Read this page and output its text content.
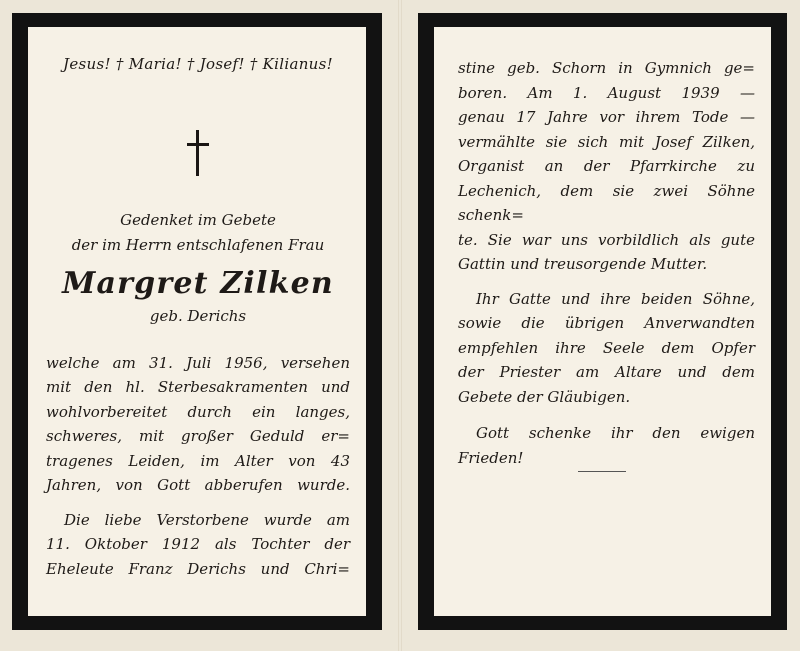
Jesus! † Maria! † Josef! † Kilianus!

Gedenket im Gebete

der im Herrn entschlafenen Frau

Margret Zilken

geb. Derichs

welche am 31. Juli 1956, versehen
mit den hl. Sterbesakramenten und
wohlvorbereitet durch ein langes,
schweres, mit großer Geduld er=
tragenes Leiden, im Alter von 43
Jahren, von Gott abberufen wurde.
Die liebe Verstorbene wurde am
11. Oktober 1912 als Tochter der
Eheleute Franz Derichs und Chri=
stine geb. Schorn in Gymnich ge=
boren. Am 1. August 1939 —
genau 17 Jahre vor ihrem Tode —
vermählte sie sich mit Josef Zilken,
Organist an der Pfarrkirche zu
Lechenich, dem sie zwei Söhne schenk=
te. Sie war uns vorbildlich als gute
Gattin und treusorgende Mutter.
Ihr Gatte und ihre beiden Söhne,
sowie die übrigen Anverwandten
empfehlen ihre Seele dem Opfer
der Priester am Altare und dem
Gebete der Gläubigen.
Gott schenke ihr den ewigen
Frieden!
